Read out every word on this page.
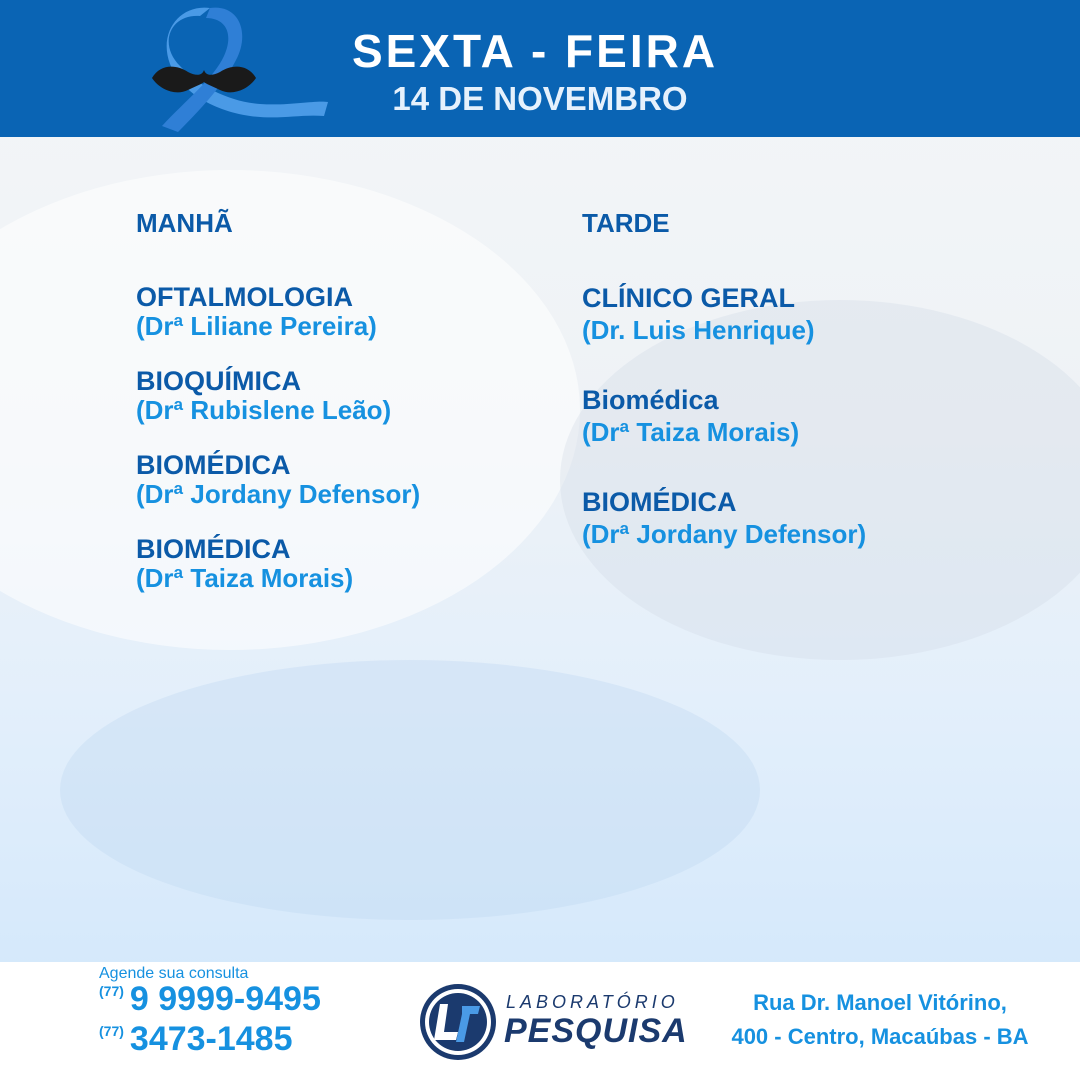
SEXTA - FEIRA
14 DE NOVEMBRO
MANHÃ
OFTALMOLOGIA
(Drª Liliane Pereira)
BIOQUÍMICA
(Drª Rubislene Leão)
BIOMÉDICA
(Drª Jordany Defensor)
BIOMÉDICA
(Drª Taiza Morais)
TARDE
CLÍNICO GERAL
(Dr. Luis Henrique)
Biomédica
(Drª Taiza Morais)
BIOMÉDICA
(Drª Jordany Defensor)
Agende sua consulta
(77) 9 9999-9495
(77) 3473-1485
LABORATÓRIO
PESQUISA
Rua Dr. Manoel Vitórino,
400 - Centro, Macaúbas - BA
